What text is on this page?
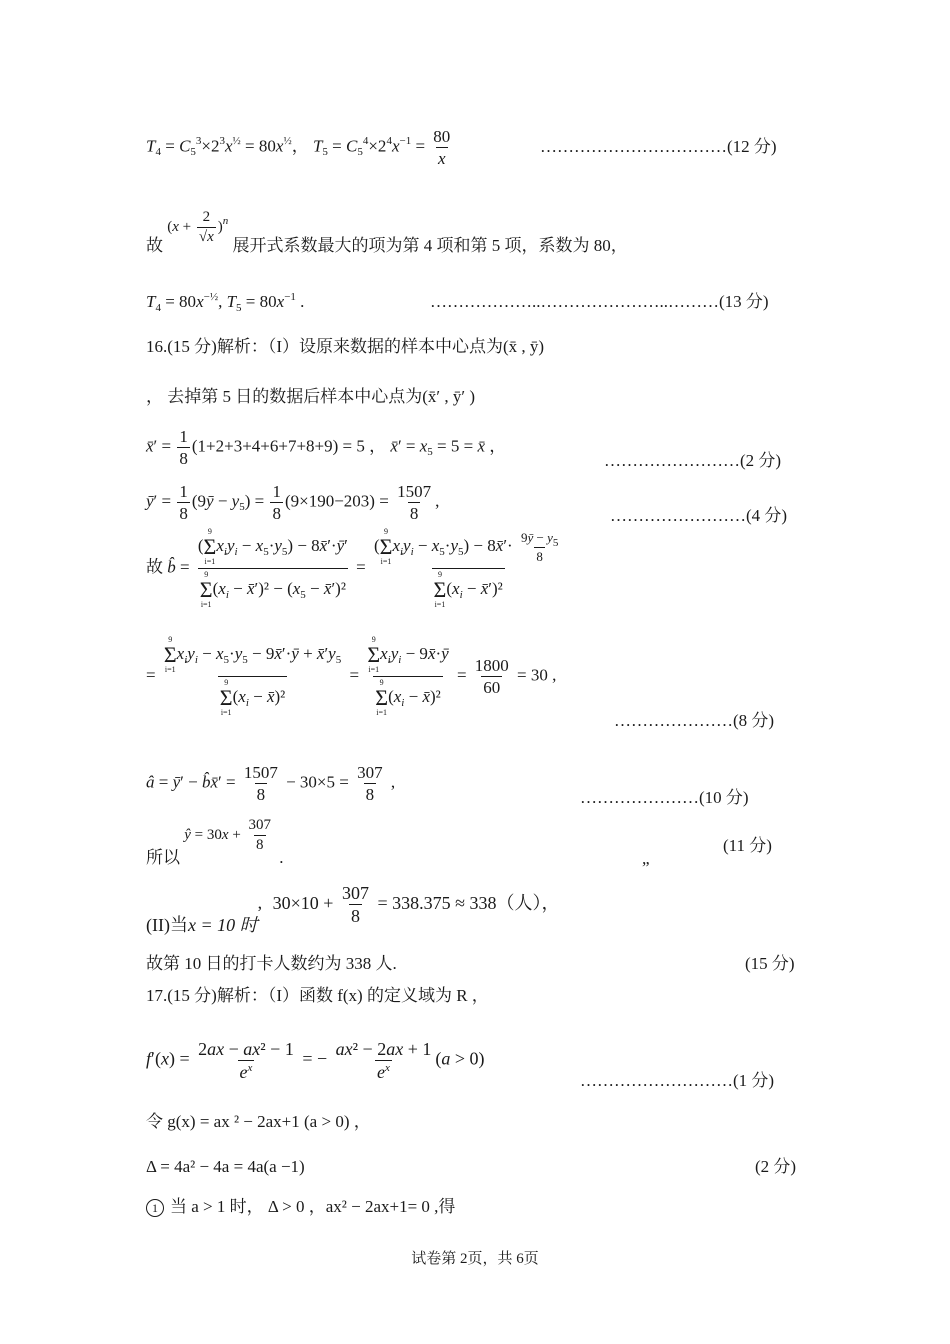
$T_4 = C_5^3\times 2^3x^{\frac{1}{2}} = 80x^{\frac{1}{2}}$， $T_5 = C_5^4\times 2^4x^{-1} = \frac{80}{x}$	……………………………(12 分)
故 $(x + \frac{2}{√x} )^n$ 展开式系数最大的项为第 4 项和第 5 项，系数为 80，
$T_4 = 80x^{-\frac{1}{2}}$, $T_5 = 80x^{-1}$ .	………………..…………………..………(13 分)
16.(15 分)解析：（I）设原来数据的样本中心点为(x̄ , ȳ)
， 去掉第 5 日的数据后样本中心点为(x̄′ , ȳ′ )
x̄′ = $\frac{1}{8} (1+2+3+4+6+7+8+9) = 5$ ， x̄′ = $x_5 = 5$ = x̄ ，
……………………(2 分)
ȳ′ = $\frac{1}{8}$ (9ȳ − $y_5) = \frac{1}{8} (9\times 190-203) = \frac{1507}{8}$ ,
……………………(4 分)
故 b̂ = (
9
Σ
i=1
$x_iy_i - x_5\cdot y_5$) − 8x̄′·ȳ′
9
Σ
i=1
($x_i$ − x̄′)² − ($x_5$ − x̄′)² = (
9
Σ
i=1
$x_iy_i - x_5\cdot y_5$) − 8x̄′· $\frac{9ȳ - y_5}{8}$
9
Σ
i=1
($x_i$ − x̄′)²
= 9
Σ
i=1
$x_iy_i - x_5\cdot y_5$ − 9x̄′·ȳ + $x̄'y_5$
9
Σ
i=1
($x_i$ − x̄)² = 9
Σ
i=1
$x_iy_i$ − 9x̄·ȳ
9
Σ
i=1
($x_i$ − x̄)² = $\frac{1800}{60} = 30$ ,
…………………(8 分)
â = ȳ′ − b̂x̄′ = $\frac{1507}{8} - 30\times 5 = \frac{307}{8}$ ,
…………………(10 分)
所以 ŷ = $30x + \frac{307}{8}$
.	„
(11 分)
(II)当x = 10 时, $30\times 10 + \frac{307}{8} = 338.375 \approx 338$（人），
故第 10 日的打卡人数约为 338 人.	(15 分)
17.(15 分)解析：（I）函数 f(x) 的定义域为 R ，
$f'(x) = \frac{\text{2ax − ax² − 1}}{e^x}$ = − $\frac{\text{ax² − 2ax + 1}}{e^x} (a > 0)$
………………………(1 分)
令 g(x) = ax ² − 2ax+1 (a > 0) ，
Δ = 4a² − 4a = 4a(a −1)	(2 分)
1 当 a > 1 时， Δ > 0 ，ax² − 2ax+1= 0 ,得
试卷第 2页，共 6页
